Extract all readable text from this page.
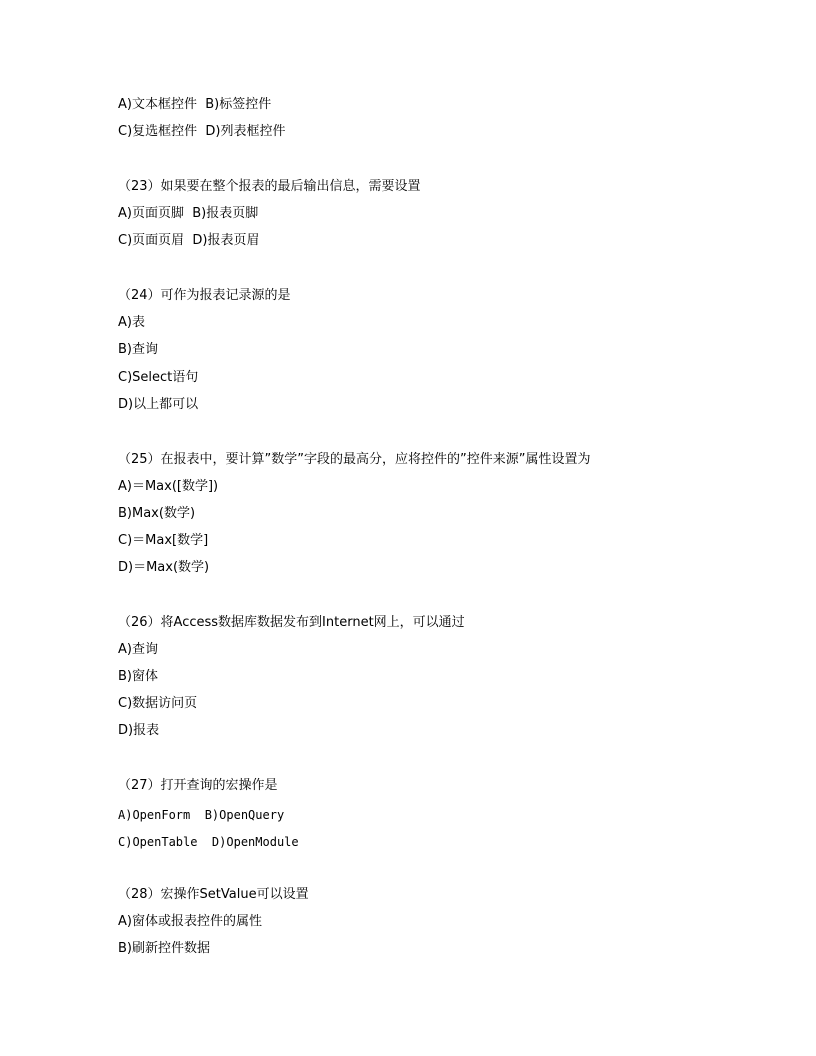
A)文本框控件  B)标签控件
C)复选框控件  D)列表框控件
（23）如果要在整个报表的最后输出信息，需要设置
A)页面页脚  B)报表页脚
C)页面页眉  D)报表页眉
（24）可作为报表记录源的是
A)表
B)查询
C)Select语句
D)以上都可以
（25）在报表中，要计算”数学”字段的最高分，应将控件的”控件来源”属性设置为
A)＝Max([数学])
B)Max(数学)
C)＝Max[数学]
D)＝Max(数学)
（26）将Access数据库数据发布到Internet网上，可以通过
A)查询
B)窗体
C)数据访问页
D)报表
（27）打开查询的宏操作是
A)OpenForm  B)OpenQuery
C)OpenTable  D)OpenModule
（28）宏操作SetValue可以设置
A)窗体或报表控件的属性
B)刷新控件数据
